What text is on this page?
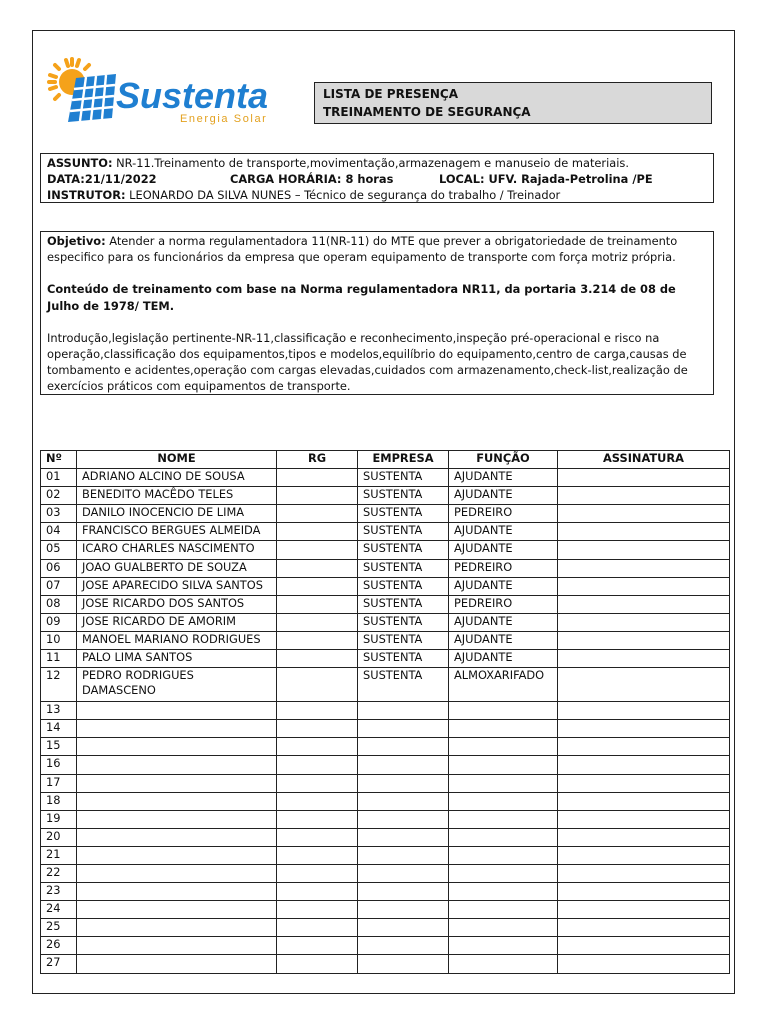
Sustenta
Energia Solar
LISTA DE PRESENÇA
TREINAMENTO DE SEGURANÇA
ASSUNTO: NR-11.Treinamento de transporte,movimentação,armazenagem e manuseio de materiais.
DATA:21/11/2022	CARGA HORÁRIA: 8 horas	LOCAL: UFV. Rajada-Petrolina /PE
INSTRUTOR: LEONARDO DA SILVA NUNES – Técnico de segurança do trabalho / Treinador

Objetivo: Atender a norma regulamentadora 11(NR-11) do MTE que prever a obrigatoriedade de treinamento especifico para os funcionários da empresa que operam equipamento de transporte com força motriz própria.

Conteúdo de treinamento com base na Norma regulamentadora NR11, da portaria 3.214 de 08 de Julho de 1978/ TEM.

Introdução,legislação pertinente-NR-11,classificação e reconhecimento,inspeção pré-operacional e risco na operação,classificação dos equipamentos,tipos e modelos,equilíbrio do equipamento,centro de carga,causas de tombamento e acidentes,operação com cargas elevadas,cuidados com armazenamento,check-list,realização de exercícios práticos com equipamentos de transporte.

Nº	NOME	RG	EMPRESA	FUNÇÃO	ASSINATURA
01	ADRIANO ALCINO DE SOUSA		SUSTENTA	AJUDANTE	
02	BENEDITO MACÊDO TELES		SUSTENTA	AJUDANTE	
03	DANILO INOCENCIO DE LIMA		SUSTENTA	PEDREIRO	
04	FRANCISCO BERGUES ALMEIDA		SUSTENTA	AJUDANTE	
05	ICARO CHARLES NASCIMENTO		SUSTENTA	AJUDANTE	
06	JOAO GUALBERTO DE SOUZA		SUSTENTA	PEDREIRO	
07	JOSE APARECIDO SILVA SANTOS		SUSTENTA	AJUDANTE	
08	JOSE RICARDO DOS SANTOS		SUSTENTA	PEDREIRO	
09	JOSE RICARDO DE AMORIM		SUSTENTA	AJUDANTE	
10	MANOEL MARIANO RODRIGUES		SUSTENTA	AJUDANTE	
11	PALO LIMA SANTOS		SUSTENTA	AJUDANTE	
12	PEDRO RODRIGUES DAMASCENO		SUSTENTA	ALMOXARIFADO	
13					
14					
15					
16					
17					
18					
19					
20					
21					
22					
23					
24					
25					
26					
27					
